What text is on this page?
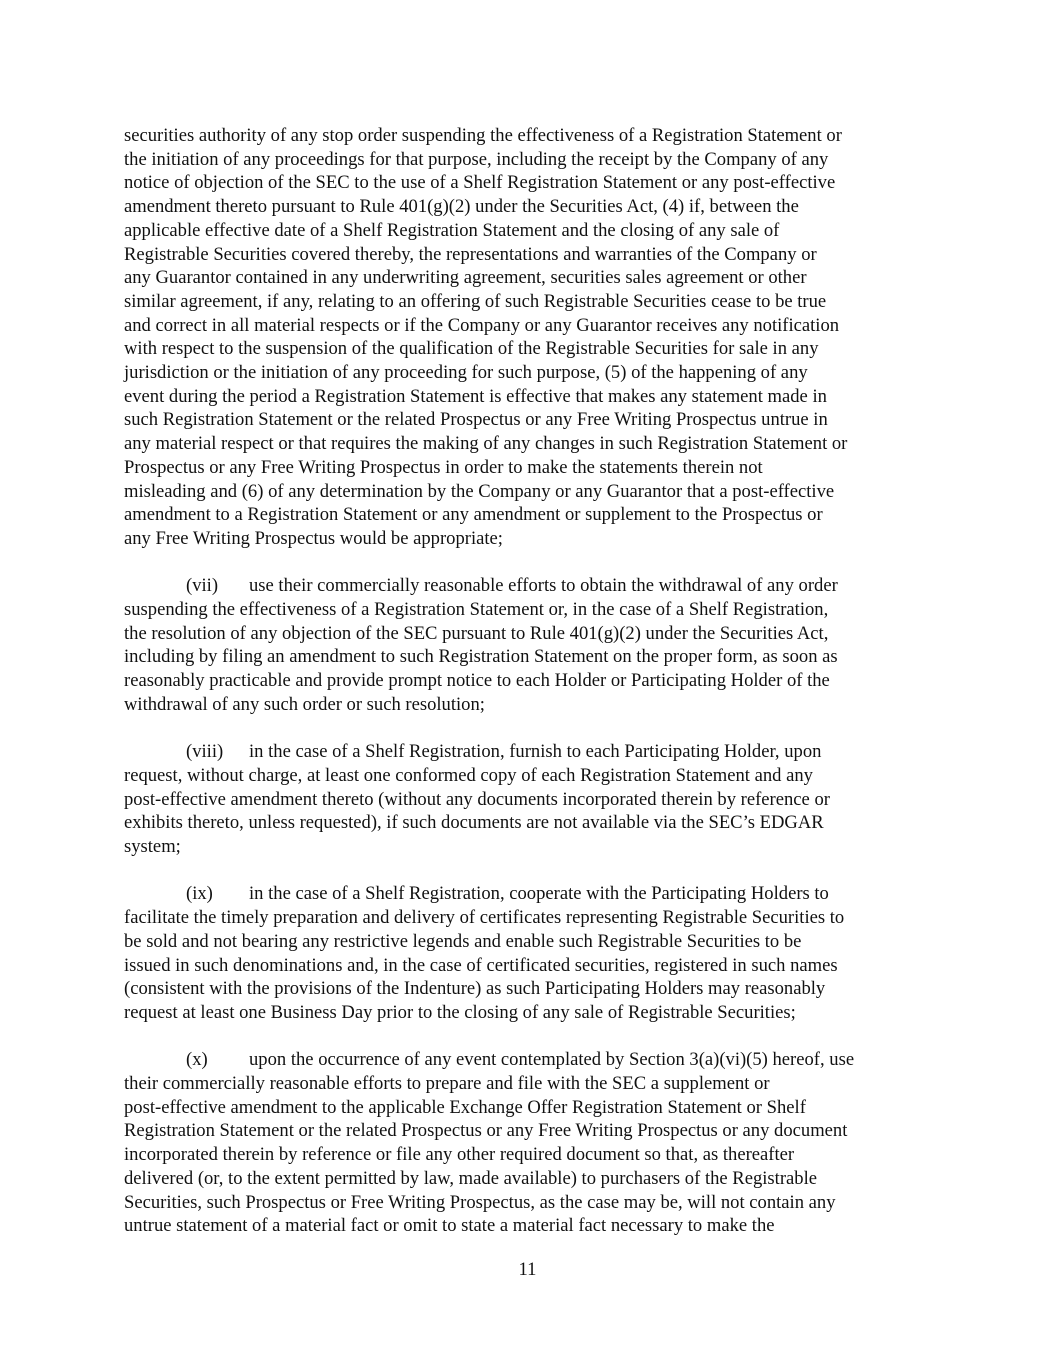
securities authority of any stop order suspending the effectiveness of a Registration Statement or
the initiation of any proceedings for that purpose, including the receipt by the Company of any
notice of objection of the SEC to the use of a Shelf Registration Statement or any post-effective
amendment thereto pursuant to Rule 401(g)(2) under the Securities Act, (4) if, between the
applicable effective date of a Shelf Registration Statement and the closing of any sale of
Registrable Securities covered thereby, the representations and warranties of the Company or
any Guarantor contained in any underwriting agreement, securities sales agreement or other
similar agreement, if any, relating to an offering of such Registrable Securities cease to be true
and correct in all material respects or if the Company or any Guarantor receives any notification
with respect to the suspension of the qualification of the Registrable Securities for sale in any
jurisdiction or the initiation of any proceeding for such purpose, (5) of the happening of any
event during the period a Registration Statement is effective that makes any statement made in
such Registration Statement or the related Prospectus or any Free Writing Prospectus untrue in
any material respect or that requires the making of any changes in such Registration Statement or
Prospectus or any Free Writing Prospectus in order to make the statements therein not
misleading and (6) of any determination by the Company or any Guarantor that a post-effective
amendment to a Registration Statement or any amendment or supplement to the Prospectus or
any Free Writing Prospectus would be appropriate;
(vii) use their commercially reasonable efforts to obtain the withdrawal of any order
suspending the effectiveness of a Registration Statement or, in the case of a Shelf Registration,
the resolution of any objection of the SEC pursuant to Rule 401(g)(2) under the Securities Act,
including by filing an amendment to such Registration Statement on the proper form, as soon as
reasonably practicable and provide prompt notice to each Holder or Participating Holder of the
withdrawal of any such order or such resolution;
(viii) in the case of a Shelf Registration, furnish to each Participating Holder, upon
request, without charge, at least one conformed copy of each Registration Statement and any
post-effective amendment thereto (without any documents incorporated therein by reference or
exhibits thereto, unless requested), if such documents are not available via the SEC’s EDGAR
system;
(ix) in the case of a Shelf Registration, cooperate with the Participating Holders to
facilitate the timely preparation and delivery of certificates representing Registrable Securities to
be sold and not bearing any restrictive legends and enable such Registrable Securities to be
issued in such denominations and, in the case of certificated securities, registered in such names
(consistent with the provisions of the Indenture) as such Participating Holders may reasonably
request at least one Business Day prior to the closing of any sale of Registrable Securities;
(x) upon the occurrence of any event contemplated by Section 3(a)(vi)(5) hereof, use
their commercially reasonable efforts to prepare and file with the SEC a supplement or
post-effective amendment to the applicable Exchange Offer Registration Statement or Shelf
Registration Statement or the related Prospectus or any Free Writing Prospectus or any document
incorporated therein by reference or file any other required document so that, as thereafter
delivered (or, to the extent permitted by law, made available) to purchasers of the Registrable
Securities, such Prospectus or Free Writing Prospectus, as the case may be, will not contain any
untrue statement of a material fact or omit to state a material fact necessary to make the
11
